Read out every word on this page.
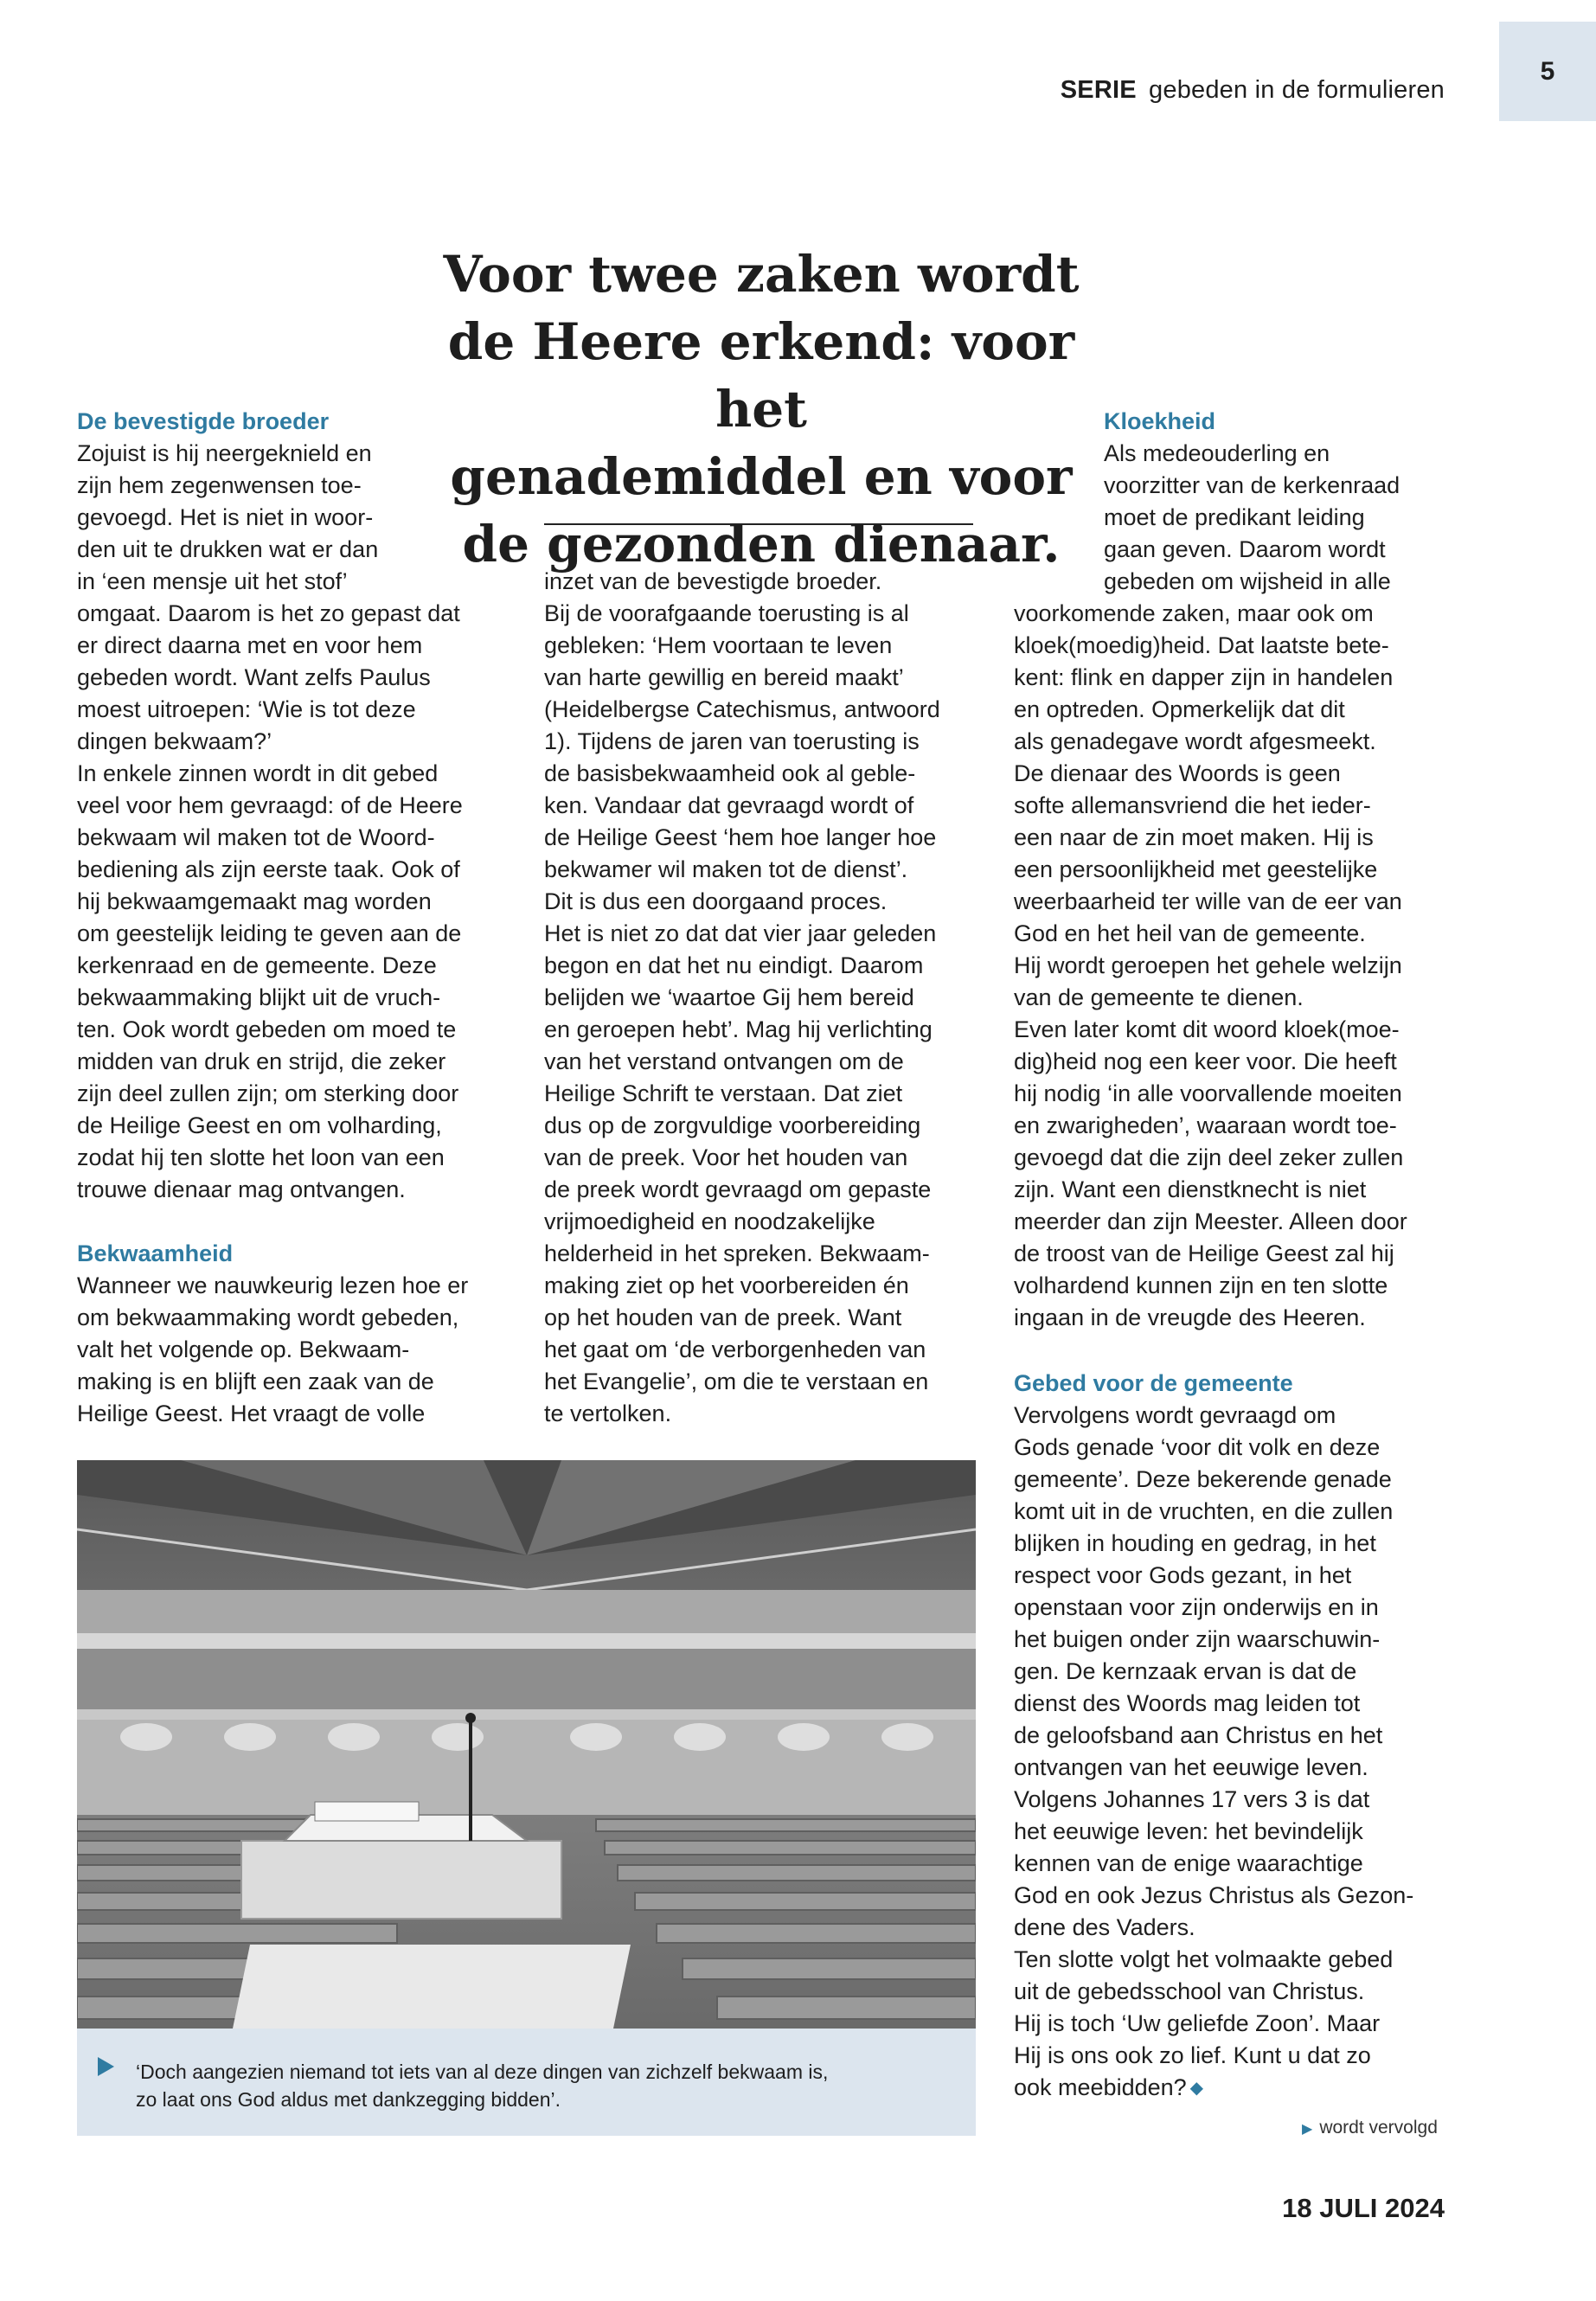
SERIE gebeden in de formulieren
5
Voor twee zaken wordt
de Heere erkend: voor het
genademiddel en voor
de gezonden dienaar.
De bevestigde broeder

Zojuist is hij neergeknield en

zijn hem zegenwensen toe-

gevoegd. Het is niet in woor-

den uit te drukken wat er dan

in ‘een mensje uit het stof’

omgaat. Daarom is het zo gepast dat

er direct daarna met en voor hem

gebeden wordt. Want zelfs Paulus

moest uitroepen: ‘Wie is tot deze

dingen bekwaam?’

In enkele zinnen wordt in dit gebed

veel voor hem gevraagd: of de Heere

bekwaam wil maken tot de Woord-

bediening als zijn eerste taak. Ook of

hij bekwaamgemaakt mag worden

om geestelijk leiding te geven aan de

kerkenraad en de gemeente. Deze

bekwaammaking blijkt uit de vruch-

ten. Ook wordt gebeden om moed te

midden van druk en strijd, die zeker

zijn deel zullen zijn; om sterking door

de Heilige Geest en om volharding,

zodat hij ten slotte het loon van een

trouwe dienaar mag ontvangen.

Bekwaamheid

Wanneer we nauwkeurig lezen hoe er

om bekwaammaking wordt gebeden,

valt het volgende op. Bekwaam-

making is en blijft een zaak van de

Heilige Geest. Het vraagt de volle

inzet van de bevestigde broeder.

Bij de voorafgaande toerusting is al

gebleken: ‘Hem voortaan te leven

van harte gewillig en bereid maakt’

(Heidelbergse Catechismus, antwoord

1). Tijdens de jaren van toerusting is

de basisbekwaamheid ook al geble-

ken. Vandaar dat gevraagd wordt of

de Heilige Geest ‘hem hoe langer hoe

bekwamer wil maken tot de dienst’.

Dit is dus een doorgaand proces.

Het is niet zo dat dat vier jaar geleden

begon en dat het nu eindigt. Daarom

belijden we ‘waartoe Gij hem bereid

en geroepen hebt’. Mag hij verlichting

van het verstand ontvangen om de

Heilige Schrift te verstaan. Dat ziet

dus op de zorgvuldige voorbereiding

van de preek. Voor het houden van

de preek wordt gevraagd om gepaste

vrijmoedigheid en noodzakelijke

helderheid in het spreken. Bekwaam-

making ziet op het voorbereiden én

op het houden van de preek. Want

het gaat om ‘de verborgenheden van

het Evangelie’, om die te verstaan en

te vertolken.

Kloekheid

Als medeouderling en

voorzitter van de kerkenraad

moet de predikant leiding

gaan geven. Daarom wordt

gebeden om wijsheid in alle

voorkomende zaken, maar ook om

kloek(moedig)heid. Dat laatste bete-

kent: flink en dapper zijn in handelen

en optreden. Opmerkelijk dat dit

als genadegave wordt afgesmeekt.

De dienaar des Woords is geen

softe allemansvriend die het ieder-

een naar de zin moet maken. Hij is

een persoonlijkheid met geestelijke

weerbaarheid ter wille van de eer van

God en het heil van de gemeente.

Hij wordt geroepen het gehele welzijn

van de gemeente te dienen.

Even later komt dit woord kloek(moe-

dig)heid nog een keer voor. Die heeft

hij nodig ‘in alle voorvallende moeiten

en zwarigheden’, waaraan wordt toe-

gevoegd dat die zijn deel zeker zullen

zijn. Want een dienstknecht is niet

meerder dan zijn Meester. Alleen door

de troost van de Heilige Geest zal hij

volhardend kunnen zijn en ten slotte

ingaan in de vreugde des Heeren.

Gebed voor de gemeente

Vervolgens wordt gevraagd om

Gods genade ‘voor dit volk en deze

gemeente’. Deze bekerende genade

komt uit in de vruchten, en die zullen

blijken in houding en gedrag, in het

respect voor Gods gezant, in het

openstaan voor zijn onderwijs en in

het buigen onder zijn waarschuwin-

gen. De kernzaak ervan is dat de

dienst des Woords mag leiden tot

de geloofsband aan Christus en het

ontvangen van het eeuwige leven.

Volgens Johannes 17 vers 3 is dat

het eeuwige leven: het bevindelijk

kennen van de enige waarachtige

God en ook Jezus Christus als Gezon-

dene des Vaders.

Ten slotte volgt het volmaakte gebed

uit de gebedsschool van Christus.

Hij is toch ‘Uw geliefde Zoon’. Maar

Hij is ons ook zo lief. Kunt u dat zo
ook meebidden? ◆
▶ wordt vervolgd
‘Doch aangezien niemand tot iets van al deze dingen van zichzelf bekwaam is,
zo laat ons God aldus met dankzegging bidden’.
18 JULI 2024
